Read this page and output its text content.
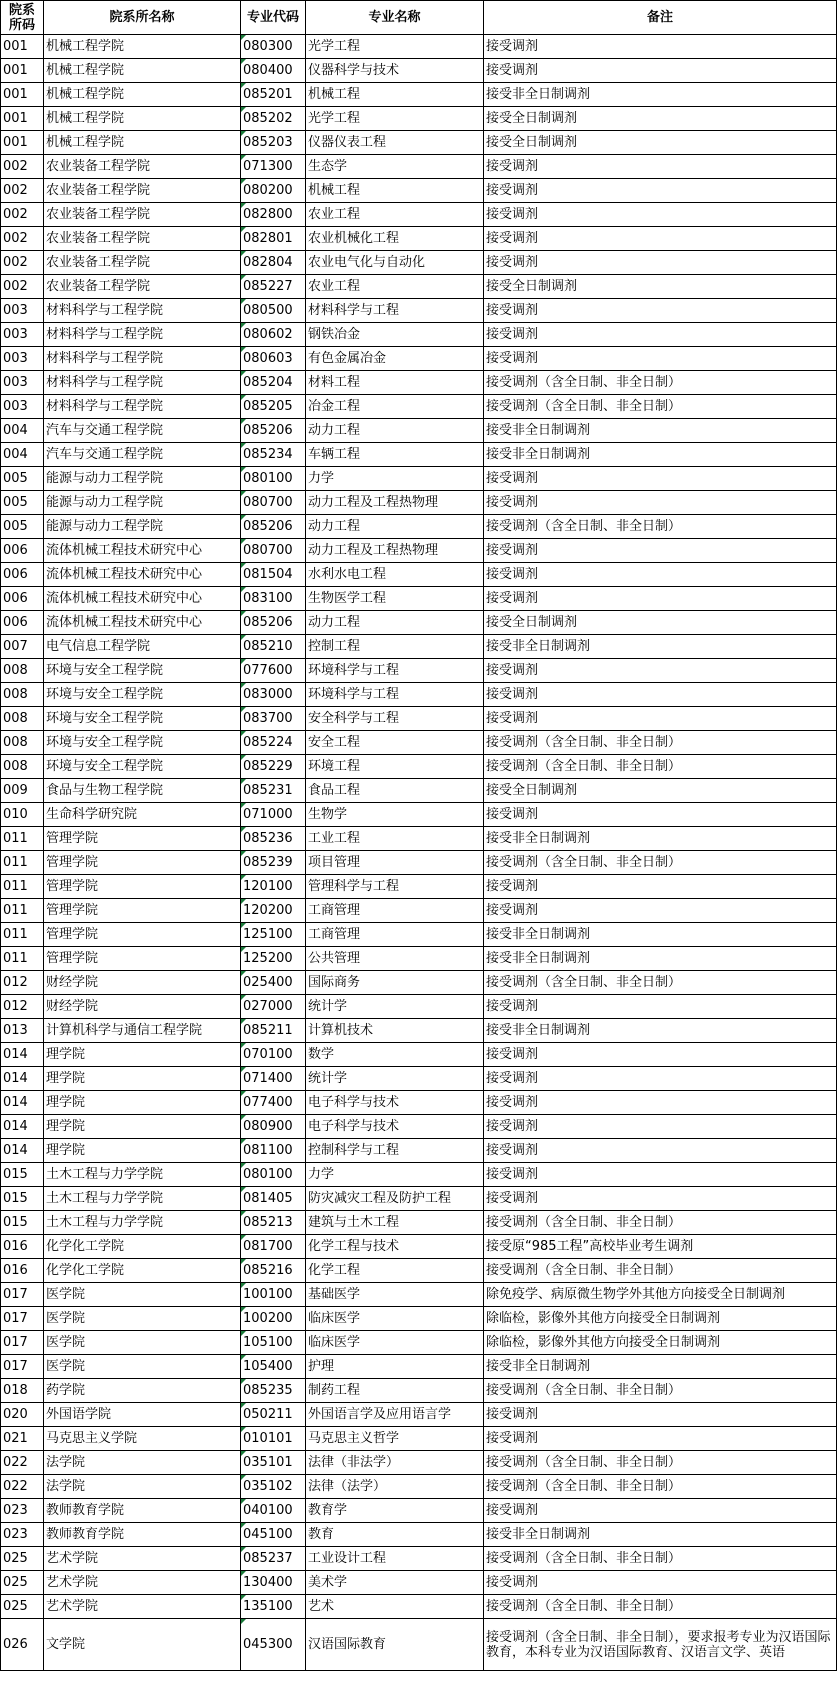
院系所码	院系所名称	专业代码	专业名称	备注
001	机械工程学院	080300	光学工程	接受调剂
001	机械工程学院	080400	仪器科学与技术	接受调剂
001	机械工程学院	085201	机械工程	接受非全日制调剂
001	机械工程学院	085202	光学工程	接受全日制调剂
001	机械工程学院	085203	仪器仪表工程	接受全日制调剂
002	农业装备工程学院	071300	生态学	接受调剂
002	农业装备工程学院	080200	机械工程	接受调剂
002	农业装备工程学院	082800	农业工程	接受调剂
002	农业装备工程学院	082801	农业机械化工程	接受调剂
002	农业装备工程学院	082804	农业电气化与自动化	接受调剂
002	农业装备工程学院	085227	农业工程	接受全日制调剂
003	材料科学与工程学院	080500	材料科学与工程	接受调剂
003	材料科学与工程学院	080602	钢铁冶金	接受调剂
003	材料科学与工程学院	080603	有色金属冶金	接受调剂
003	材料科学与工程学院	085204	材料工程	接受调剂（含全日制、非全日制）
003	材料科学与工程学院	085205	冶金工程	接受调剂（含全日制、非全日制）
004	汽车与交通工程学院	085206	动力工程	接受非全日制调剂
004	汽车与交通工程学院	085234	车辆工程	接受非全日制调剂
005	能源与动力工程学院	080100	力学	接受调剂
005	能源与动力工程学院	080700	动力工程及工程热物理	接受调剂
005	能源与动力工程学院	085206	动力工程	接受调剂（含全日制、非全日制）
006	流体机械工程技术研究中心	080700	动力工程及工程热物理	接受调剂
006	流体机械工程技术研究中心	081504	水利水电工程	接受调剂
006	流体机械工程技术研究中心	083100	生物医学工程	接受调剂
006	流体机械工程技术研究中心	085206	动力工程	接受全日制调剂
007	电气信息工程学院	085210	控制工程	接受非全日制调剂
008	环境与安全工程学院	077600	环境科学与工程	接受调剂
008	环境与安全工程学院	083000	环境科学与工程	接受调剂
008	环境与安全工程学院	083700	安全科学与工程	接受调剂
008	环境与安全工程学院	085224	安全工程	接受调剂（含全日制、非全日制）
008	环境与安全工程学院	085229	环境工程	接受调剂（含全日制、非全日制）
009	食品与生物工程学院	085231	食品工程	接受全日制调剂
010	生命科学研究院	071000	生物学	接受调剂
011	管理学院	085236	工业工程	接受非全日制调剂
011	管理学院	085239	项目管理	接受调剂（含全日制、非全日制）
011	管理学院	120100	管理科学与工程	接受调剂
011	管理学院	120200	工商管理	接受调剂
011	管理学院	125100	工商管理	接受非全日制调剂
011	管理学院	125200	公共管理	接受非全日制调剂
012	财经学院	025400	国际商务	接受调剂（含全日制、非全日制）
012	财经学院	027000	统计学	接受调剂
013	计算机科学与通信工程学院	085211	计算机技术	接受非全日制调剂
014	理学院	070100	数学	接受调剂
014	理学院	071400	统计学	接受调剂
014	理学院	077400	电子科学与技术	接受调剂
014	理学院	080900	电子科学与技术	接受调剂
014	理学院	081100	控制科学与工程	接受调剂
015	土木工程与力学学院	080100	力学	接受调剂
015	土木工程与力学学院	081405	防灾减灾工程及防护工程	接受调剂
015	土木工程与力学学院	085213	建筑与土木工程	接受调剂（含全日制、非全日制）
016	化学化工学院	081700	化学工程与技术	接受原“985工程”高校毕业考生调剂
016	化学化工学院	085216	化学工程	接受调剂（含全日制、非全日制）
017	医学院	100100	基础医学	除免疫学、病原微生物学外其他方向接受全日制调剂
017	医学院	100200	临床医学	除临检，影像外其他方向接受全日制调剂
017	医学院	105100	临床医学	除临检，影像外其他方向接受全日制调剂
017	医学院	105400	护理	接受非全日制调剂
018	药学院	085235	制药工程	接受调剂（含全日制、非全日制）
020	外国语学院	050211	外国语言学及应用语言学	接受调剂
021	马克思主义学院	010101	马克思主义哲学	接受调剂
022	法学院	035101	法律（非法学）	接受调剂（含全日制、非全日制）
022	法学院	035102	法律（法学）	接受调剂（含全日制、非全日制）
023	教师教育学院	040100	教育学	接受调剂
023	教师教育学院	045100	教育	接受非全日制调剂
025	艺术学院	085237	工业设计工程	接受调剂（含全日制、非全日制）
025	艺术学院	130400	美术学	接受调剂
025	艺术学院	135100	艺术	接受调剂（含全日制、非全日制）
026	文学院	045300	汉语国际教育	接受调剂（含全日制、非全日制），要求报考专业为汉语国际教育，本科专业为汉语国际教育、汉语言文学、英语
